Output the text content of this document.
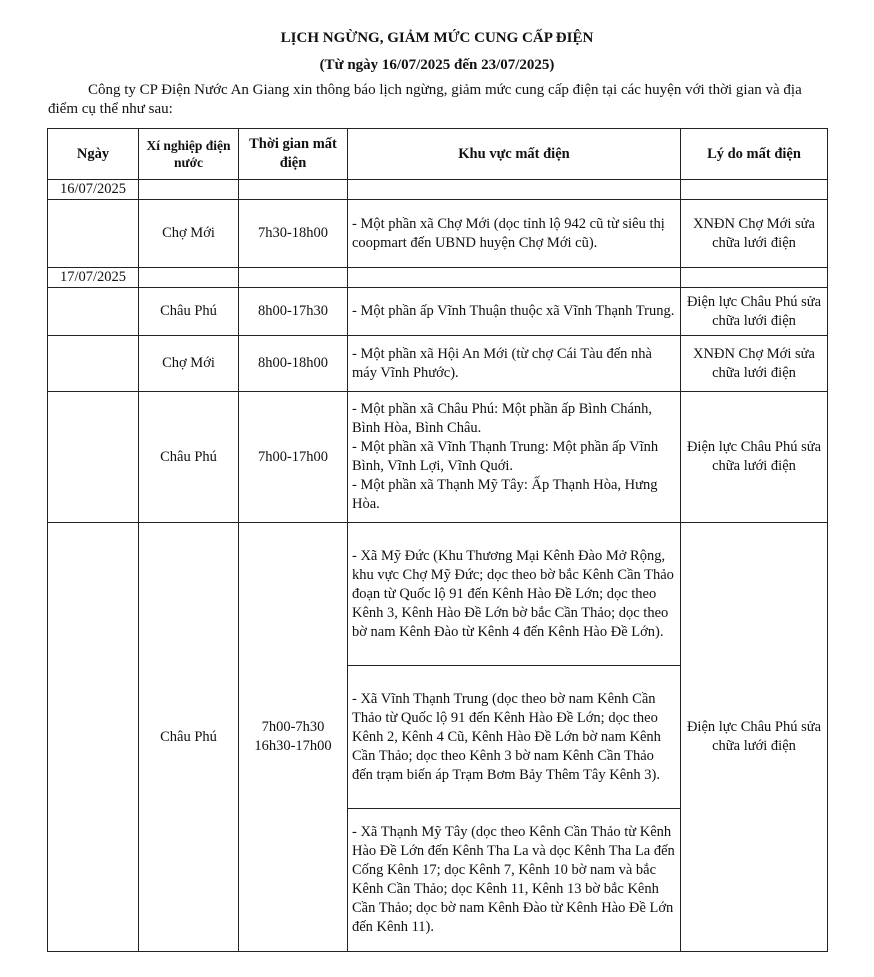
LỊCH NGỪNG, GIẢM MỨC CUNG CẤP ĐIỆN
(Từ ngày 16/07/2025 đến 23/07/2025)
Công ty CP Điện Nước An Giang xin thông báo lịch ngừng, giảm mức cung cấp điện tại các huyện với thời gian và địa điểm cụ thể như sau:
Ngày	Xí nghiệp điện nước	Thời gian mất điện	Khu vực mất điện	Lý do mất điện
16/07/2025				
	Chợ Mới	7h30-18h00	- Một phần xã Chợ Mới (dọc tỉnh lộ 942 cũ từ siêu thị coopmart đến UBND huyện Chợ Mới cũ).	XNĐN Chợ Mới sửa chữa lưới điện
17/07/2025				
	Châu Phú	8h00-17h30	- Một phần ấp Vĩnh Thuận thuộc xã Vĩnh Thạnh Trung.	Điện lực Châu Phú sửa chữa lưới điện
	Chợ Mới	8h00-18h00	- Một phần xã Hội An Mới (từ chợ Cái Tàu đến nhà máy Vĩnh Phước).	XNĐN Chợ Mới sửa chữa lưới điện
	Châu Phú	7h00-17h00	- Một phần xã Châu Phú: Một phần ấp Bình Chánh, Bình Hòa, Bình Châu.
- Một phần xã Vĩnh Thạnh Trung: Một phần ấp Vĩnh Bình, Vĩnh Lợi, Vĩnh Quới.
- Một phần xã Thạnh Mỹ Tây: Ấp Thạnh Hòa, Hưng Hòa.	Điện lực Châu Phú sửa chữa lưới điện
	Châu Phú	7h00-7h30
16h30-17h00	- Xã Mỹ Đức (Khu Thương Mại Kênh Đào Mở Rộng, khu vực Chợ Mỹ Đức; dọc theo bờ bắc Kênh Cần Thảo đoạn từ Quốc lộ 91 đến Kênh Hào Đề Lớn; dọc theo Kênh 3, Kênh Hào Đề Lớn bờ bắc Cần Thảo; dọc theo bờ nam Kênh Đào từ Kênh 4 đến Kênh Hào Đề Lớn).	Điện lực Châu Phú sửa chữa lưới điện
			- Xã Vĩnh Thạnh Trung (dọc theo bờ nam Kênh Cần Thảo từ Quốc lộ 91 đến Kênh Hào Đề Lớn; dọc theo Kênh 2, Kênh 4 Cũ, Kênh Hào Đề Lớn bờ nam Kênh Cần Thảo; dọc theo Kênh 3 bờ nam Kênh Cần Thảo đến trạm biến áp Trạm Bơm Bảy Thêm Tây Kênh 3).	
			- Xã Thạnh Mỹ Tây (dọc theo Kênh Cần Thảo từ Kênh Hào Đề Lớn đến Kênh Tha La và dọc Kênh Tha La đến Cống Kênh 17; dọc Kênh 7, Kênh 10 bờ nam và bắc Kênh Cần Thảo; dọc Kênh 11, Kênh 13 bờ bắc Kênh Cần Thảo; dọc bờ nam Kênh Đào từ Kênh Hào Đề Lớn đến Kênh 11).	
